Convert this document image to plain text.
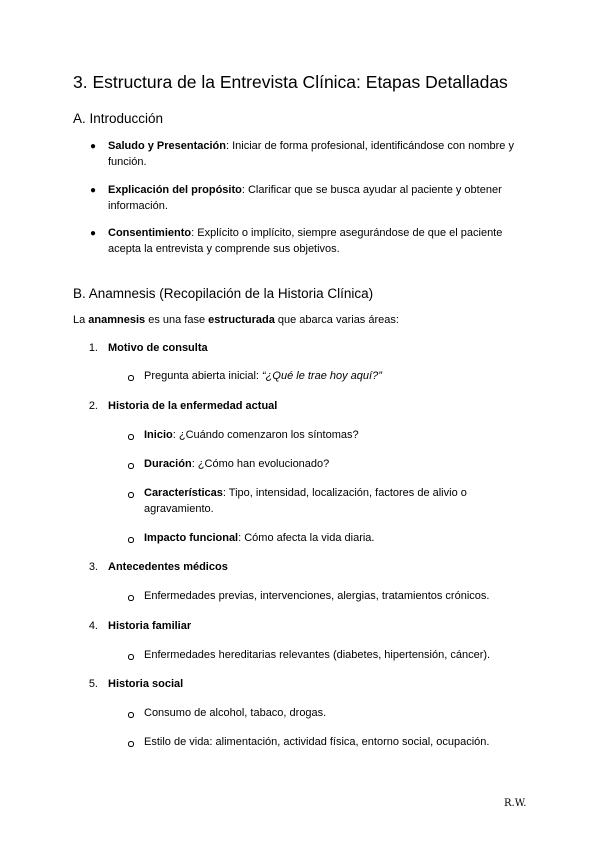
3. Estructura de la Entrevista Clínica: Etapas Detalladas
A. Introducción
● Saludo y Presentación: Iniciar de forma profesional, identificándose con nombre y función.

● Explicación del propósito: Clarificar que se busca ayudar al paciente y obtener información.

● Consentimiento: Explícito o implícito, siempre asegurándose de que el paciente acepta la entrevista y comprende sus objetivos.

B. Anamnesis (Recopilación de la Historia Clínica)

La anamnesis es una fase estructurada que abarca varias áreas:

1. Motivo de consulta

Pregunta abierta inicial: “¿Qué le trae hoy aquí?”

2. Historia de la enfermedad actual

Inicio: ¿Cuándo comenzaron los síntomas?

Duración: ¿Cómo han evolucionado?

Características: Tipo, intensidad, localización, factores de alivio o agravamiento.

Impacto funcional: Cómo afecta la vida diaria.

3. Antecedentes médicos

Enfermedades previas, intervenciones, alergias, tratamientos crónicos.

4. Historia familiar

Enfermedades hereditarias relevantes (diabetes, hipertensión, cáncer).

5. Historia social

Consumo de alcohol, tabaco, drogas.

Estilo de vida: alimentación, actividad física, entorno social, ocupación.

R.W.
